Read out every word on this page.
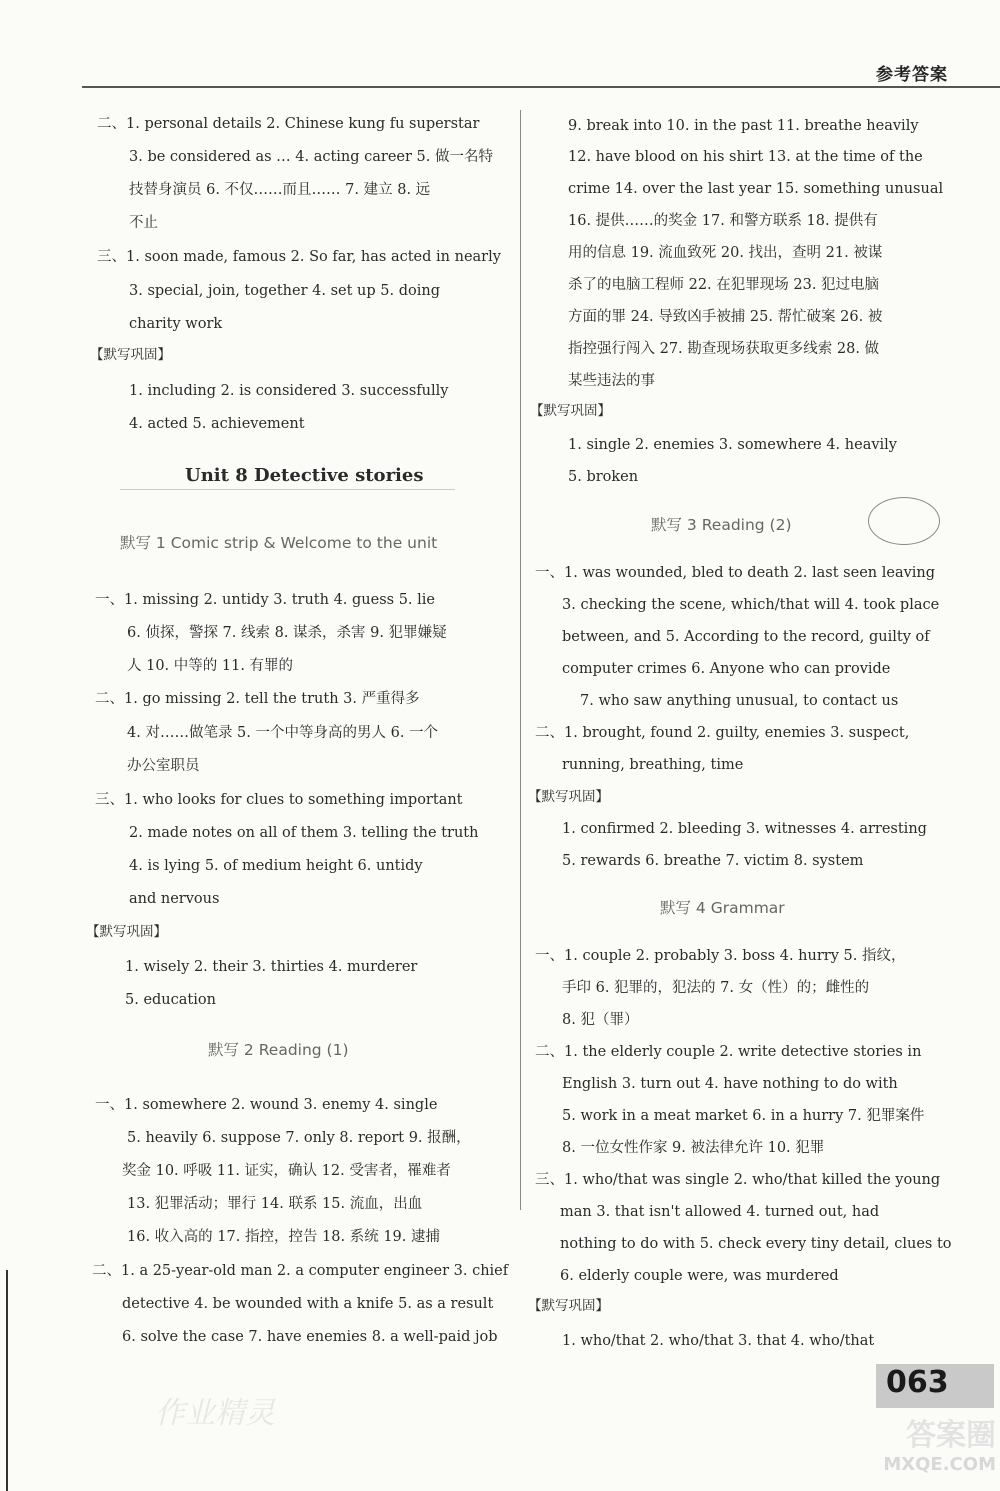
参考答案
二、1. personal details 2. Chinese kung fu superstar
3. be considered as … 4. acting career 5. 做一名特
技替身演员 6. 不仅……而且…… 7. 建立 8. 远
不止
三、1. soon made, famous 2. So far, has acted in nearly
3. special, join, together 4. set up 5. doing
charity work
1. including 2. is considered 3. successfully
4. acted 5. achievement
一、1. missing 2. untidy 3. truth 4. guess 5. lie
6. 侦探，警探 7. 线索 8. 谋杀，杀害 9. 犯罪嫌疑
人 10. 中等的 11. 有罪的
二、1. go missing 2. tell the truth 3. 严重得多
4. 对……做笔录 5. 一个中等身高的男人 6. 一个
办公室职员
三、1. who looks for clues to something important
2. made notes on all of them 3. telling the truth
4. is lying 5. of medium height 6. untidy
and nervous
1. wisely 2. their 3. thirties 4. murderer
5. education
一、1. somewhere 2. wound 3. enemy 4. single
5. heavily 6. suppose 7. only 8. report 9. 报酬，
奖金 10. 呼吸 11. 证实，确认 12. 受害者，罹难者
13. 犯罪活动；罪行 14. 联系 15. 流血，出血
16. 收入高的 17. 指控，控告 18. 系统 19. 逮捕
二、1. a 25-year-old man 2. a computer engineer 3. chief
detective 4. be wounded with a knife 5. as a result
6. solve the case 7. have enemies 8. a well-paid job
【默写巩固】
【默写巩固】
默写 1 Comic strip & Welcome to the unit
默写 2 Reading (1)
9. break into 10. in the past 11. breathe heavily
12. have blood on his shirt 13. at the time of the
crime 14. over the last year 15. something unusual
16. 提供……的奖金 17. 和警方联系 18. 提供有
用的信息 19. 流血致死 20. 找出，查明 21. 被谋
杀了的电脑工程师 22. 在犯罪现场 23. 犯过电脑
方面的罪 24. 导致凶手被捕 25. 帮忙破案 26. 被
指控强行闯入 27. 勘查现场获取更多线索 28. 做
某些违法的事
1. single 2. enemies 3. somewhere 4. heavily
5. broken
一、1. was wounded, bled to death 2. last seen leaving
3. checking the scene, which/that will 4. took place
between, and 5. According to the record, guilty of
computer crimes 6. Anyone who can provide
7. who saw anything unusual, to contact us
二、1. brought, found 2. guilty, enemies 3. suspect,
running, breathing, time
1. confirmed 2. bleeding 3. witnesses 4. arresting
5. rewards 6. breathe 7. victim 8. system
一、1. couple 2. probably 3. boss 4. hurry 5. 指纹，
手印 6. 犯罪的，犯法的 7. 女（性）的；雌性的
8. 犯（罪）
二、1. the elderly couple 2. write detective stories in
English 3. turn out 4. have nothing to do with
5. work in a meat market 6. in a hurry 7. 犯罪案件
8. 一位女性作家 9. 被法律允许 10. 犯罪
三、1. who/that was single 2. who/that killed the young
man 3. that isn't allowed 4. turned out, had
nothing to do with 5. check every tiny detail, clues to
6. elderly couple were, was murdered
1. who/that 2. who/that 3. that 4. who/that
【默写巩固】
【默写巩固】
【默写巩固】
默写 3 Reading (2)
默写 4 Grammar
Unit 8 Detective stories
063
作业精灵
答案圈
MXQE.COM
